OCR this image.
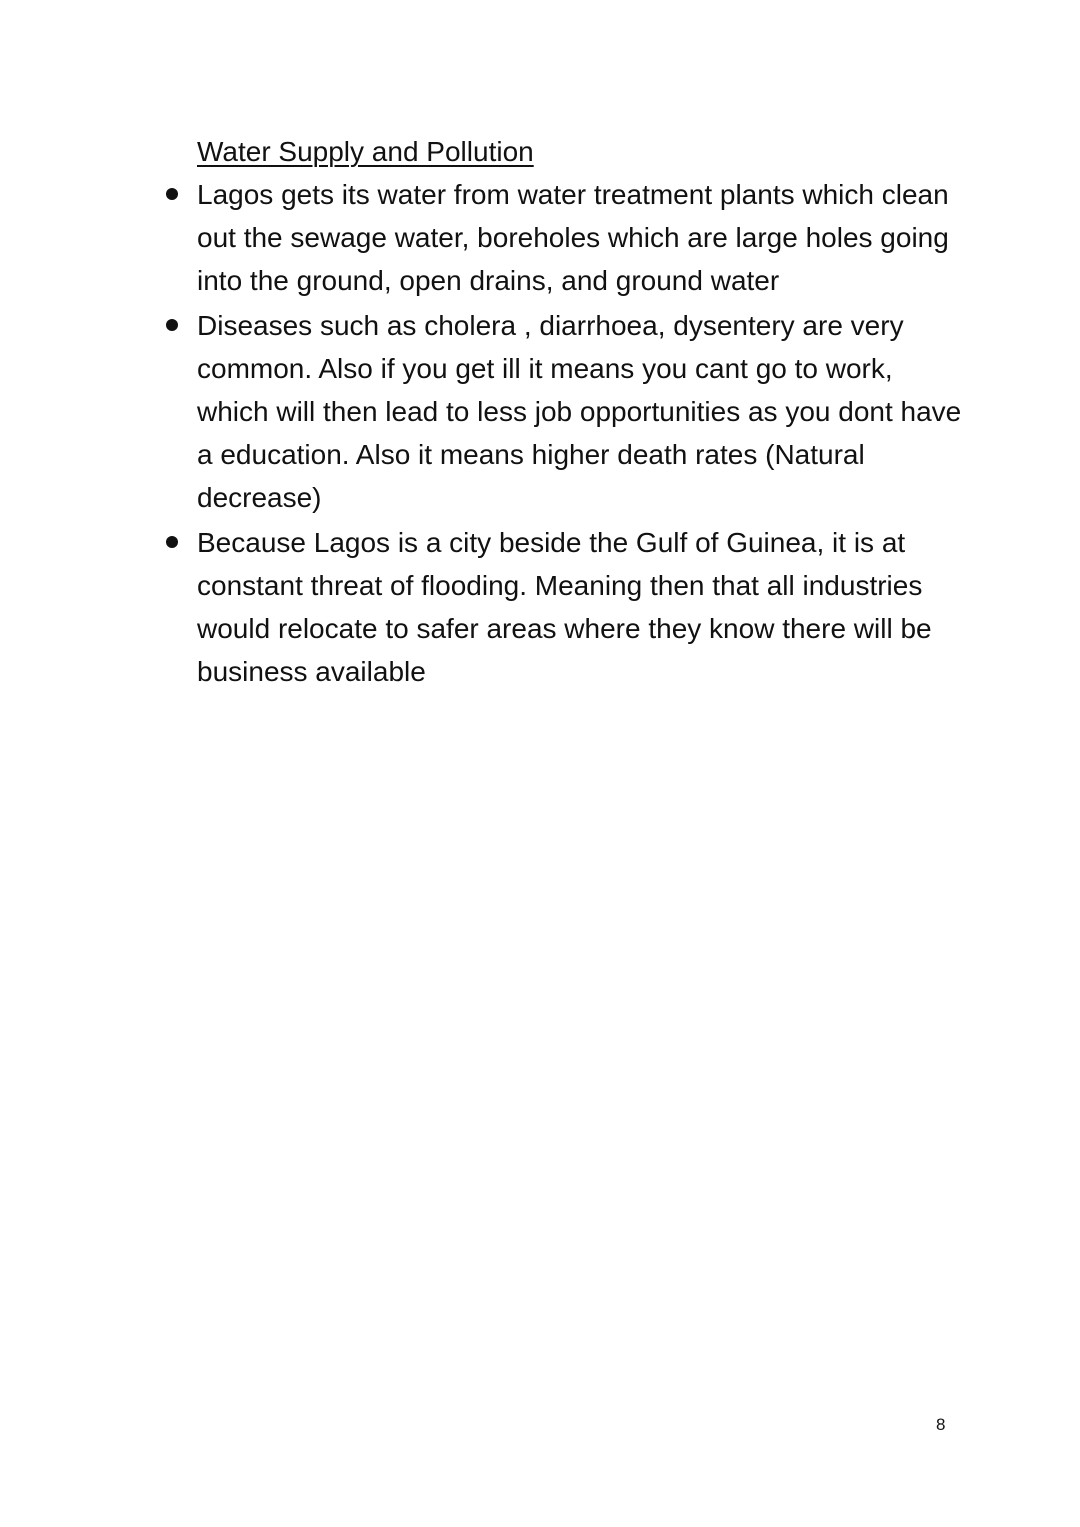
Water Supply and Pollution
Lagos gets its water from water treatment plants which clean out the sewage water, boreholes which are large holes going into the ground, open drains, and ground water
Diseases such as cholera , diarrhoea, dysentery are very common. Also if you get ill it means you cant go to work, which will then lead to less job opportunities as you dont have a education. Also it means higher death rates (Natural decrease)
Because Lagos is a city beside the Gulf of Guinea, it is at constant threat of flooding. Meaning then that all industries would relocate to safer areas where they know there will be business available
8
